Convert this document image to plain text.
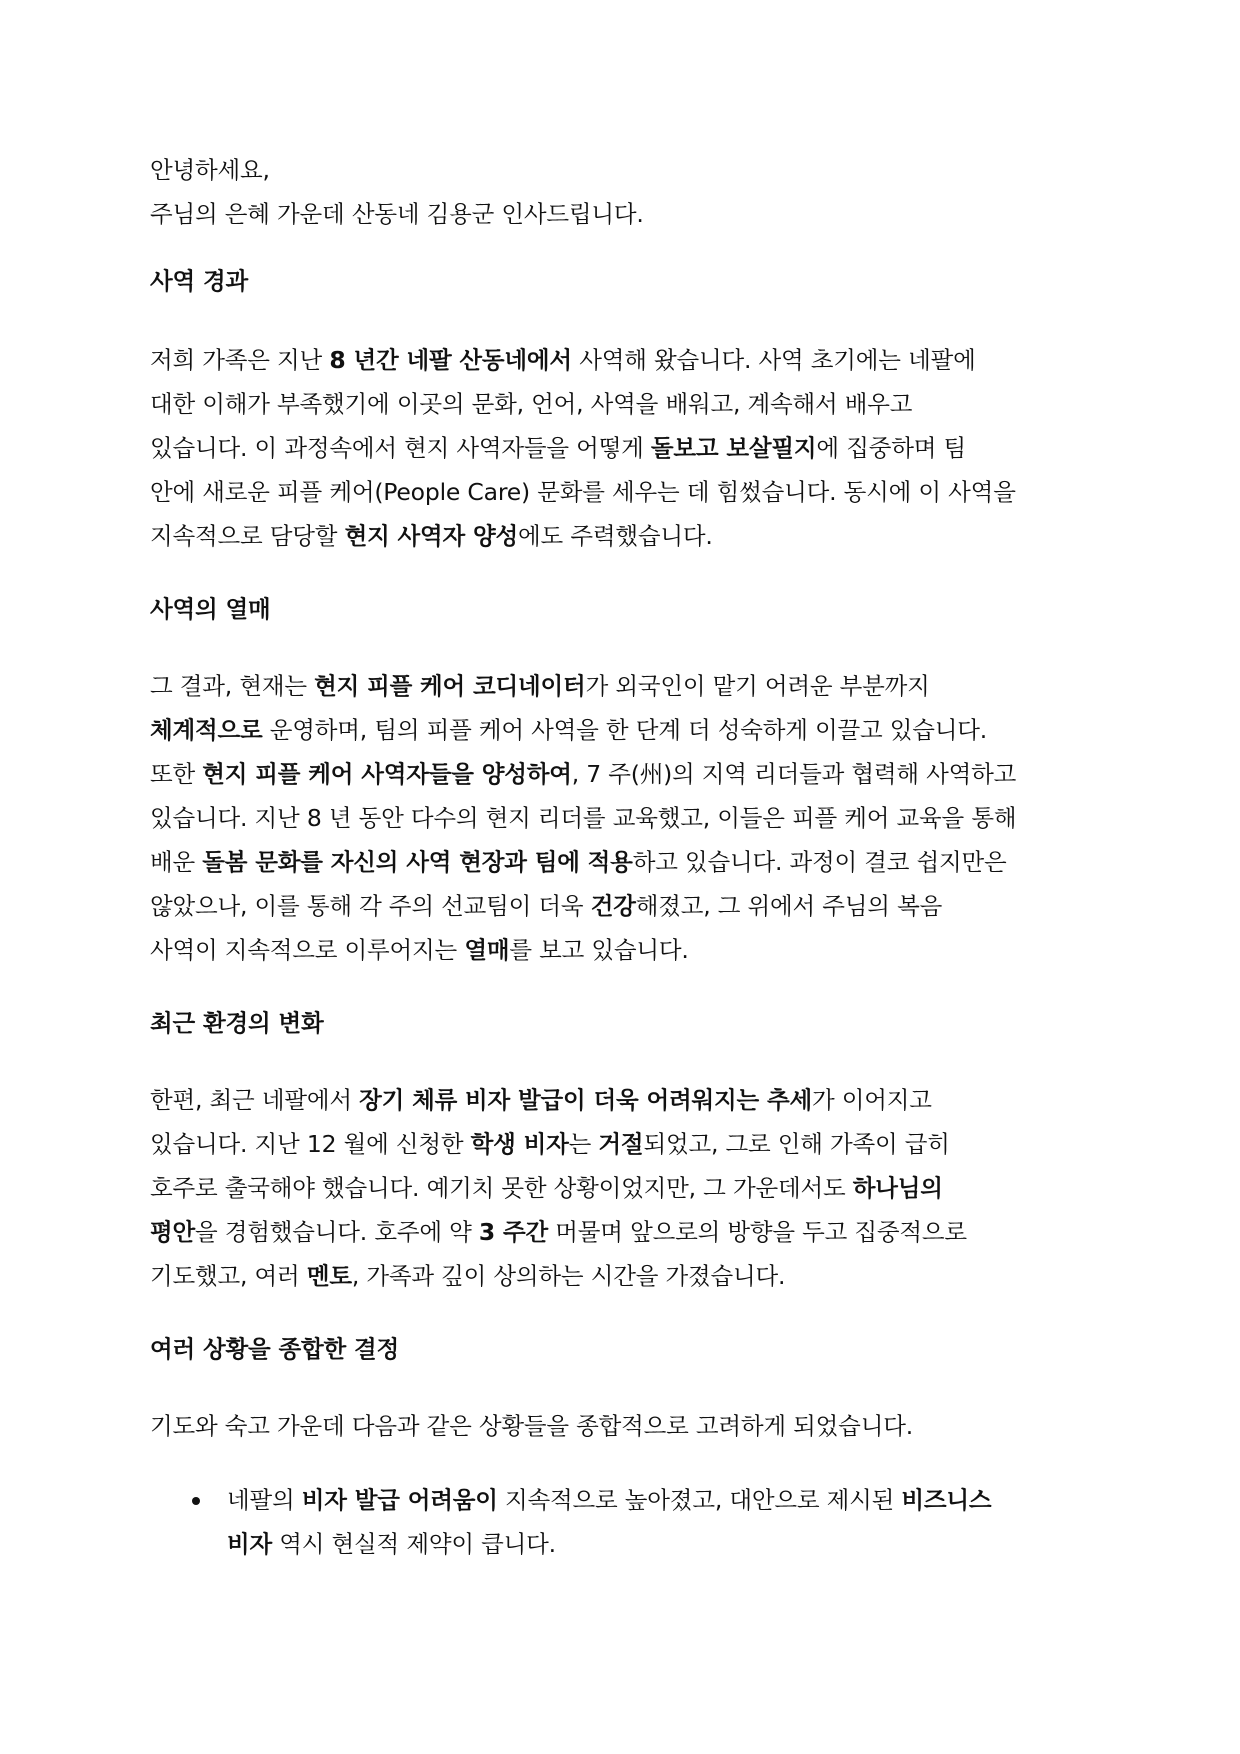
안녕하세요,

주님의 은혜 가운데 산동네 김용군 인사드립니다.

사역 경과

저희 가족은 지난 8 년간 네팔 산동네에서 사역해 왔습니다. 사역 초기에는 네팔에

대한 이해가 부족했기에 이곳의 문화, 언어, 사역을 배워고, 계속해서 배우고

있습니다. 이 과정속에서 현지 사역자들을 어떻게 돌보고 보살필지에 집중하며 팀

안에 새로운 피플 케어(People Care) 문화를 세우는 데 힘썼습니다. 동시에 이 사역을

지속적으로 담당할 현지 사역자 양성에도 주력했습니다.

사역의 열매

그 결과, 현재는 현지 피플 케어 코디네이터가 외국인이 맡기 어려운 부분까지

체계적으로 운영하며, 팀의 피플 케어 사역을 한 단계 더 성숙하게 이끌고 있습니다.

또한 현지 피플 케어 사역자들을 양성하여, 7 주(州)의 지역 리더들과 협력해 사역하고

있습니다. 지난 8 년 동안 다수의 현지 리더를 교육했고, 이들은 피플 케어 교육을 통해

배운 돌봄 문화를 자신의 사역 현장과 팀에 적용하고 있습니다. 과정이 결코 쉽지만은

않았으나, 이를 통해 각 주의 선교팀이 더욱 건강해졌고, 그 위에서 주님의 복음

사역이 지속적으로 이루어지는 열매를 보고 있습니다.

최근 환경의 변화

한편, 최근 네팔에서 장기 체류 비자 발급이 더욱 어려워지는 추세가 이어지고

있습니다. 지난 12 월에 신청한 학생 비자는 거절되었고, 그로 인해 가족이 급히

호주로 출국해야 했습니다. 예기치 못한 상황이었지만, 그 가운데서도 하나님의

평안을 경험했습니다. 호주에 약 3 주간 머물며 앞으로의 방향을 두고 집중적으로

기도했고, 여러 멘토, 가족과 깊이 상의하는 시간을 가졌습니다.

여러 상황을 종합한 결정

기도와 숙고 가운데 다음과 같은 상황들을 종합적으로 고려하게 되었습니다.

네팔의 비자 발급 어려움이 지속적으로 높아졌고, 대안으로 제시된 비즈니스

비자 역시 현실적 제약이 큽니다.
